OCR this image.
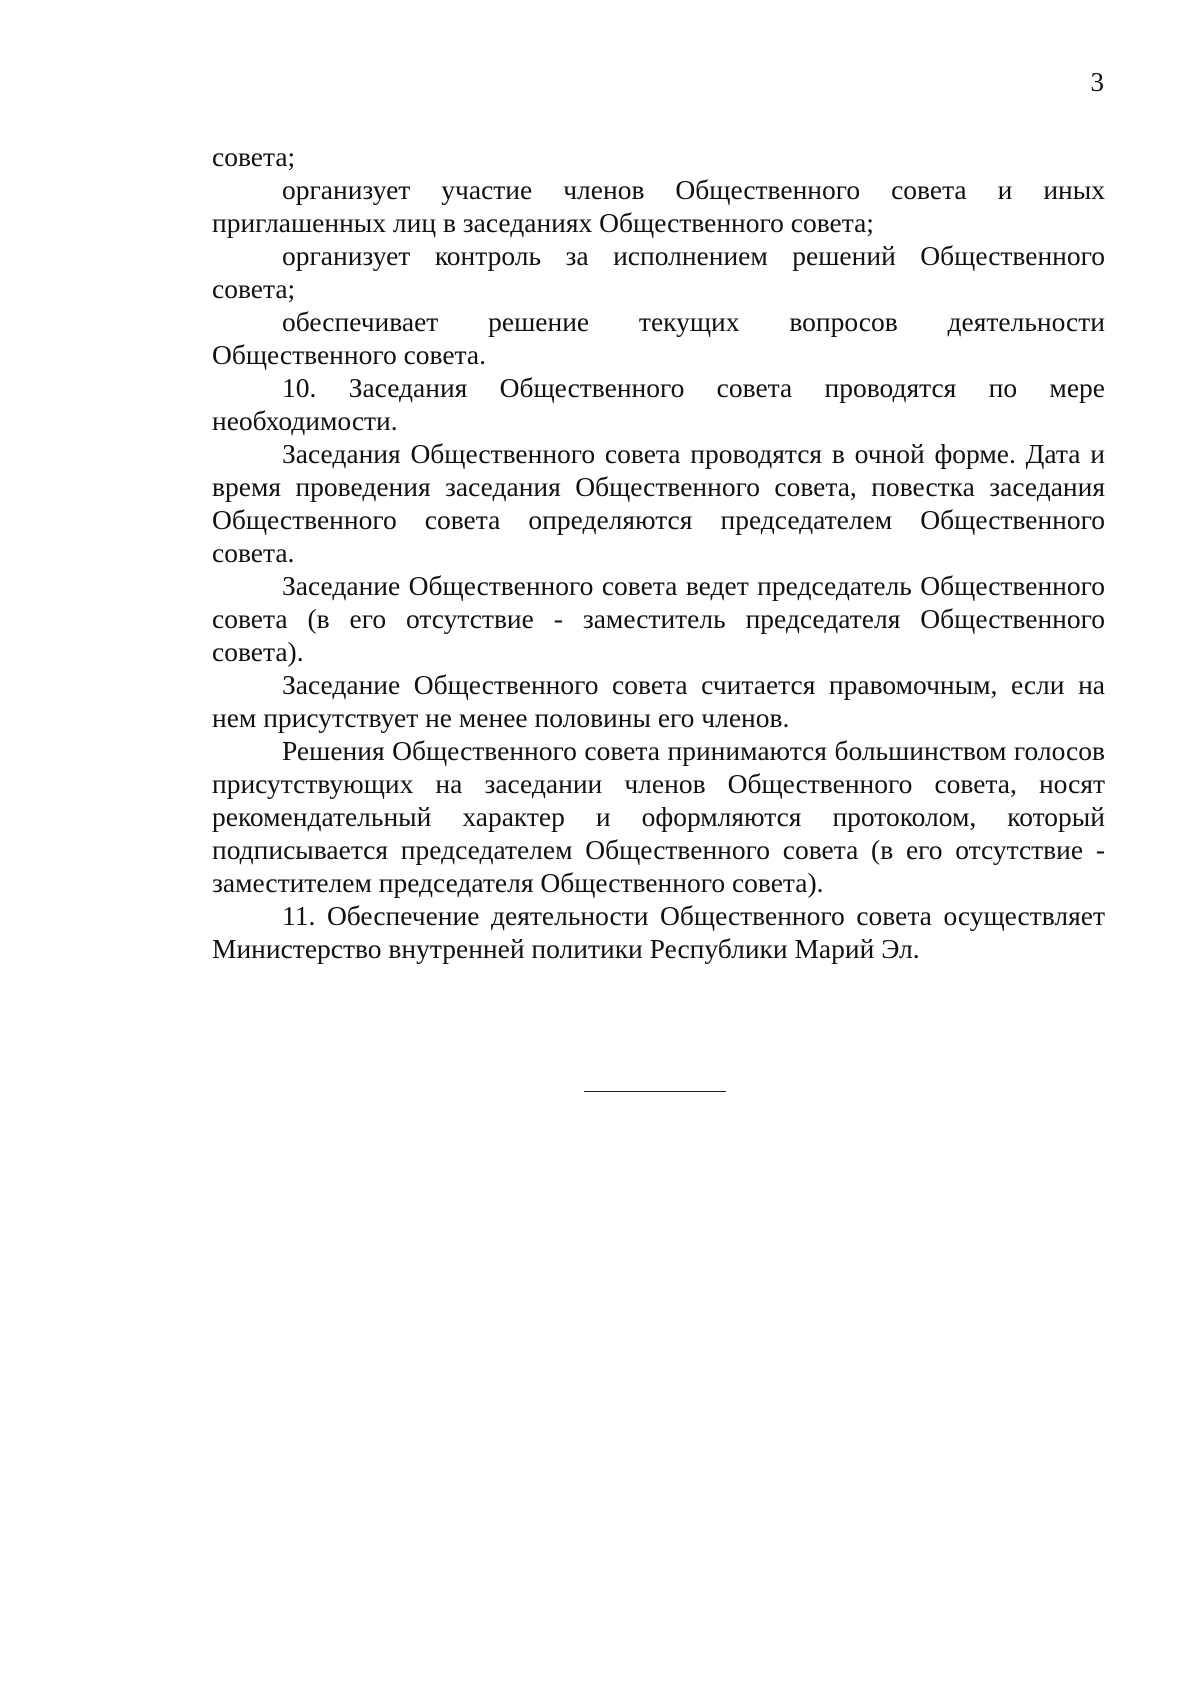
3

совета;

организует участие членов Общественного совета и иных приглашенных лиц в заседаниях Общественного совета;

организует контроль за исполнением решений Общественного совета;

обеспечивает решение текущих вопросов деятельности Общественного совета.

10. Заседания Общественного совета проводятся по мере необходимости.

Заседания Общественного совета проводятся в очной форме. Дата и время проведения заседания Общественного совета, повестка заседания Общественного совета определяются председателем Общественного совета.

Заседание Общественного совета ведет председатель Общественного совета (в его отсутствие - заместитель председателя Общественного совета).

Заседание Общественного совета считается правомочным, если на нем присутствует не менее половины его членов.

Решения Общественного совета принимаются большинством голосов присутствующих на заседании членов Общественного совета, носят рекомендательный характер и оформляются протоколом, который подписывается председателем Общественного совета (в его отсутствие - заместителем председателя Общественного совета).

11. Обеспечение деятельности Общественного совета осуществляет Министерство внутренней политики Республики Марий Эл.
